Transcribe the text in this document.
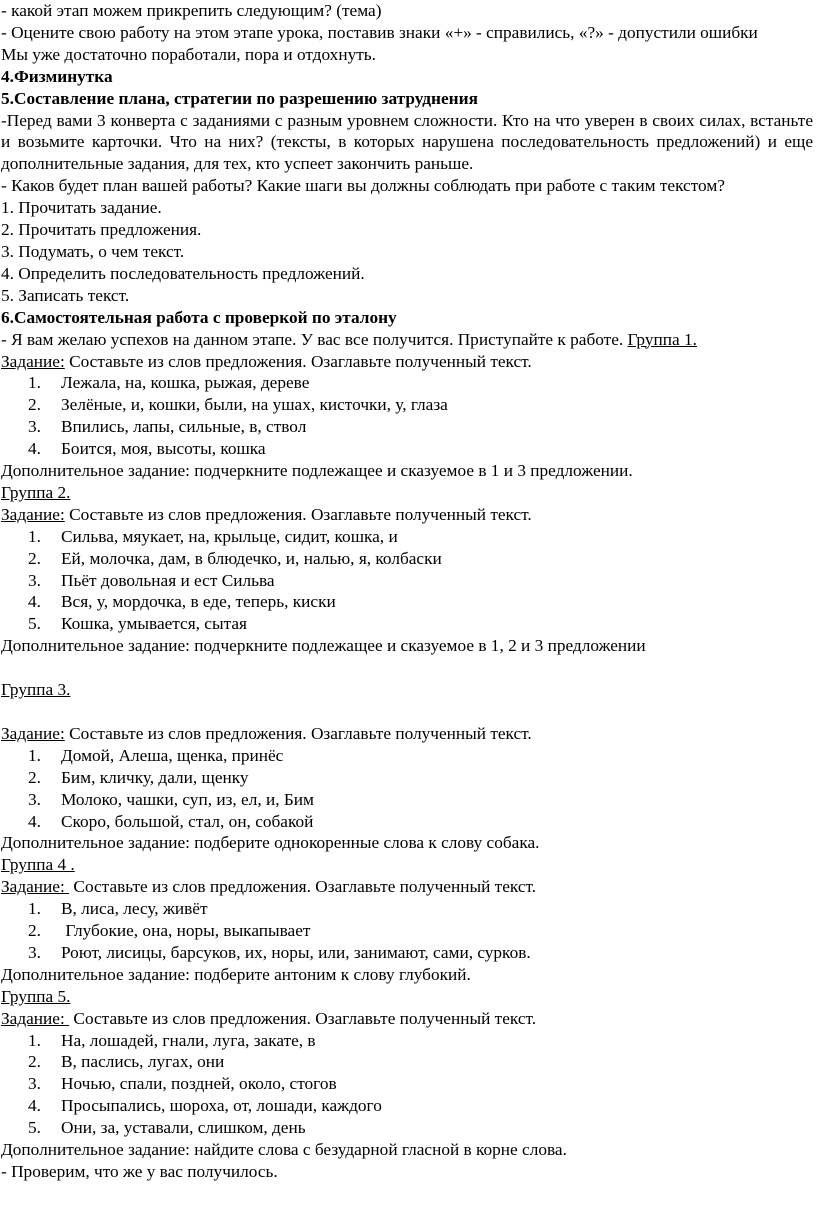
- какой этап можем прикрепить следующим? (тема)

- Оцените свою работу на этом этапе урока, поставив знаки «+» - справились, «?» - допустили ошибки

Мы уже достаточно поработали, пора и отдохнуть.

4.Физминутка

5.Составление плана, стратегии по разрешению затруднения

-Перед вами 3 конверта с заданиями с разным уровнем сложности. Кто на что уверен в своих силах, встаньте и возьмите карточки. Что на них? (тексты, в которых нарушена последовательность предложений) и еще дополнительные задания, для тех, кто успеет закончить раньше.

- Каков будет план вашей работы? Какие шаги вы должны соблюдать при работе с таким текстом?

1. Прочитать задание.

2. Прочитать предложения.

3. Подумать, о чем текст.

4. Определить последовательность предложений.

5. Записать текст.

6.Самостоятельная работа с проверкой по эталону

- Я вам желаю успехов на данном этапе. У вас все получится. Приступайте к работе. Группа 1.

Задание: Составьте из слов предложения. Озаглавьте полученный текст.

1.	Лежала, на, кошка, рыжая, дереве
2.	Зелёные, и, кошки, были, на ушах, кисточки, у, глаза
3.	Впились, лапы, сильные, в, ствол
4.	Боится, моя, высоты, кошка

Дополнительное задание: подчеркните подлежащее и сказуемое в 1 и 3 предложении.

Группа 2.

Задание: Составьте из слов предложения. Озаглавьте полученный текст.

1.	Сильва, мяукает, на, крыльце, сидит, кошка, и
2.	Ей, молочка, дам, в блюдечко, и, налью, я, колбаски
3.	Пьёт довольная и ест Сильва
4.	Вся, у, мордочка, в еде, теперь, киски
5.	Кошка, умывается, сытая

Дополнительное задание: подчеркните подлежащее и сказуемое в 1, 2 и 3 предложении

Группа 3.

Задание: Составьте из слов предложения. Озаглавьте полученный текст.

1.	Домой, Алеша, щенка, принёс
2.	Бим, кличку, дали, щенку
3.	Молоко, чашки, суп, из, ел, и, Бим
4.	Скоро, большой, стал, он, собакой

Дополнительное задание: подберите однокоренные слова к слову собака.

Группа 4 .

Задание:  Составьте из слов предложения. Озаглавьте полученный текст.

1.	В, лиса, лесу, живёт
2.	Глубокие, она, норы, выкапывает
3.	Роют, лисицы, барсуков, их, норы, или, занимают, сами, сурков.

Дополнительное задание: подберите антоним к слову глубокий.

Группа 5.

Задание:  Составьте из слов предложения. Озаглавьте полученный текст.

1.	На, лошадей, гнали, луга, закате, в
2.	В, паслись, лугах, они
3.	Ночью, спали, поздней, около, стогов
4.	Просыпались, шороха, от, лошади, каждого
5.	Они, за, уставали, слишком, день

Дополнительное задание: найдите слова с безударной гласной в корне слова.

- Проверим, что же у вас получилось.
